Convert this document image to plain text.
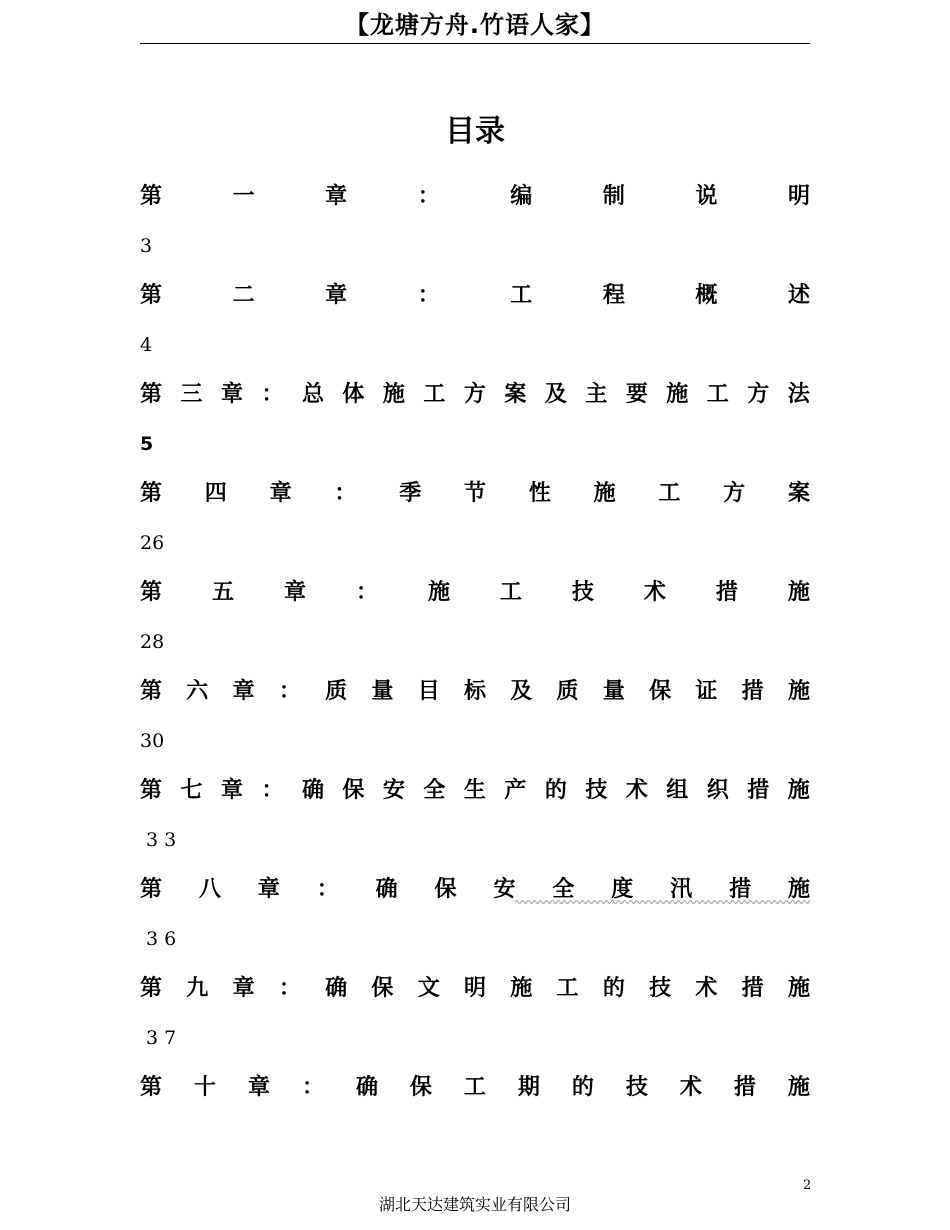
【龙塘方舟.竹语人家】
目录
第	一	章	：	编	制	说	明
3
第	二	章	：	工	程	概	述
4
第 三 章 ： 总 体 施 工 方 案 及 主 要 施 工 方 法
5
第 四 章 ： 季 节 性 施 工 方 案
26
第 五 章 ： 施 工 技 术 措 施
28
第 六 章 ： 质 量 目 标 及 质 量 保 证 措 施
30
第 七 章 ： 确 保 安 全 生 产 的 技 术 组 织 措 施
3 3
第 八 章 ： 确 保 安 全 度 汛 措 施
3 6
第 九 章 ： 确 保 文 明 施 工 的 技 术 措 施
3 7
第 十 章 ： 确 保 工 期 的 技 术 措 施
2
湖北天达建筑实业有限公司
